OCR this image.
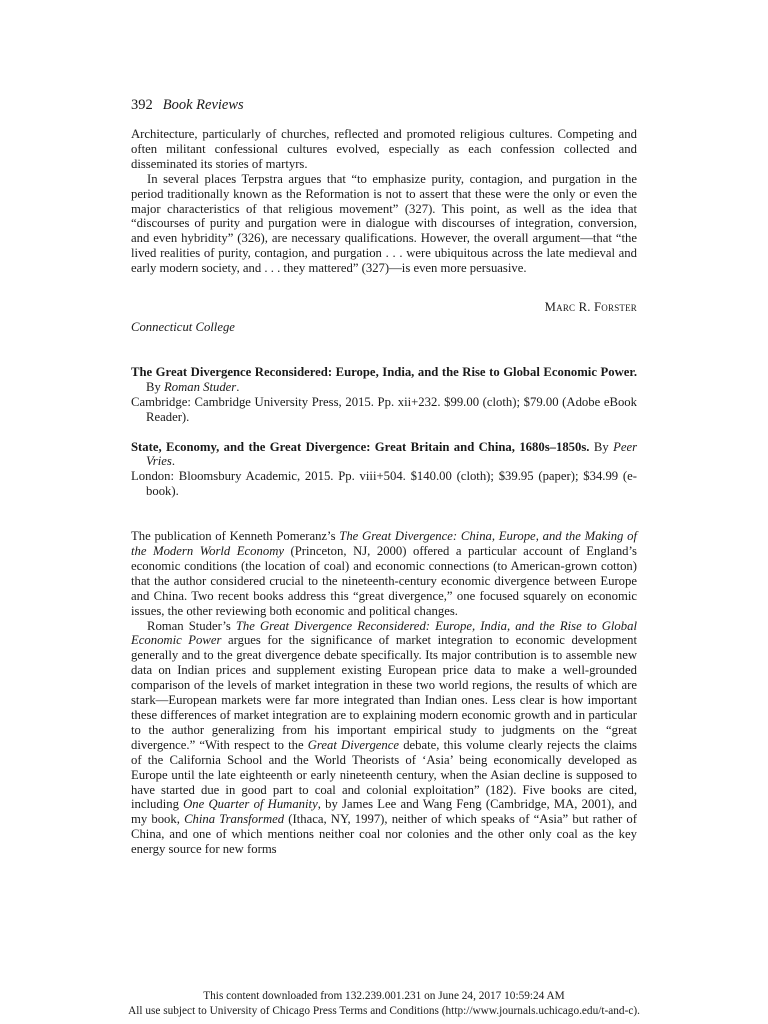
392 Book Reviews

Architecture, particularly of churches, reflected and promoted religious cultures. Competing and often militant confessional cultures evolved, especially as each confession collected and disseminated its stories of martyrs.

In several places Terpstra argues that “to emphasize purity, contagion, and purgation in the period traditionally known as the Reformation is not to assert that these were the only or even the major characteristics of that religious movement” (327). This point, as well as the idea that “discourses of purity and purgation were in dialogue with discourses of integration, conversion, and even hybridity” (326), are necessary qualifications. However, the overall argument—that “the lived realities of purity, contagion, and purgation . . . were ubiquitous across the late medieval and early modern society, and . . . they mattered” (327)—is even more persuasive.

Marc R. Forster
Connecticut College

The Great Divergence Reconsidered: Europe, India, and the Rise to Global Economic Power. By Roman Studer.

Cambridge: Cambridge University Press, 2015. Pp. xii+232. $99.00 (cloth); $79.00 (Adobe eBook Reader).

State, Economy, and the Great Divergence: Great Britain and China, 1680s–1850s. By Peer Vries.

London: Bloomsbury Academic, 2015. Pp. viii+504. $140.00 (cloth); $39.95 (paper); $34.99 (e-book).

The publication of Kenneth Pomeranz’s The Great Divergence: China, Europe, and the Making of the Modern World Economy (Princeton, NJ, 2000) offered a particular account of England’s economic conditions (the location of coal) and economic connections (to American-grown cotton) that the author considered crucial to the nineteenth-century economic divergence between Europe and China. Two recent books address this “great divergence,” one focused squarely on economic issues, the other reviewing both economic and political changes.

Roman Studer’s The Great Divergence Reconsidered: Europe, India, and the Rise to Global Economic Power argues for the significance of market integration to economic development generally and to the great divergence debate specifically. Its major contribution is to assemble new data on Indian prices and supplement existing European price data to make a well-grounded comparison of the levels of market integration in these two world regions, the results of which are stark—European markets were far more integrated than Indian ones. Less clear is how important these differences of market integration are to explaining modern economic growth and in particular to the author generalizing from his important empirical study to judgments on the “great divergence.” “With respect to the Great Divergence debate, this volume clearly rejects the claims of the California School and the World Theorists of ‘Asia’ being economically developed as Europe until the late eighteenth or early nineteenth century, when the Asian decline is supposed to have started due in good part to coal and colonial exploitation” (182). Five books are cited, including One Quarter of Humanity, by James Lee and Wang Feng (Cambridge, MA, 2001), and my book, China Transformed (Ithaca, NY, 1997), neither of which speaks of “Asia” but rather of China, and one of which mentions neither coal nor colonies and the other only coal as the key energy source for new forms

This content downloaded from 132.239.001.231 on June 24, 2017 10:59:24 AM
All use subject to University of Chicago Press Terms and Conditions (http://www.journals.uchicago.edu/t-and-c).
